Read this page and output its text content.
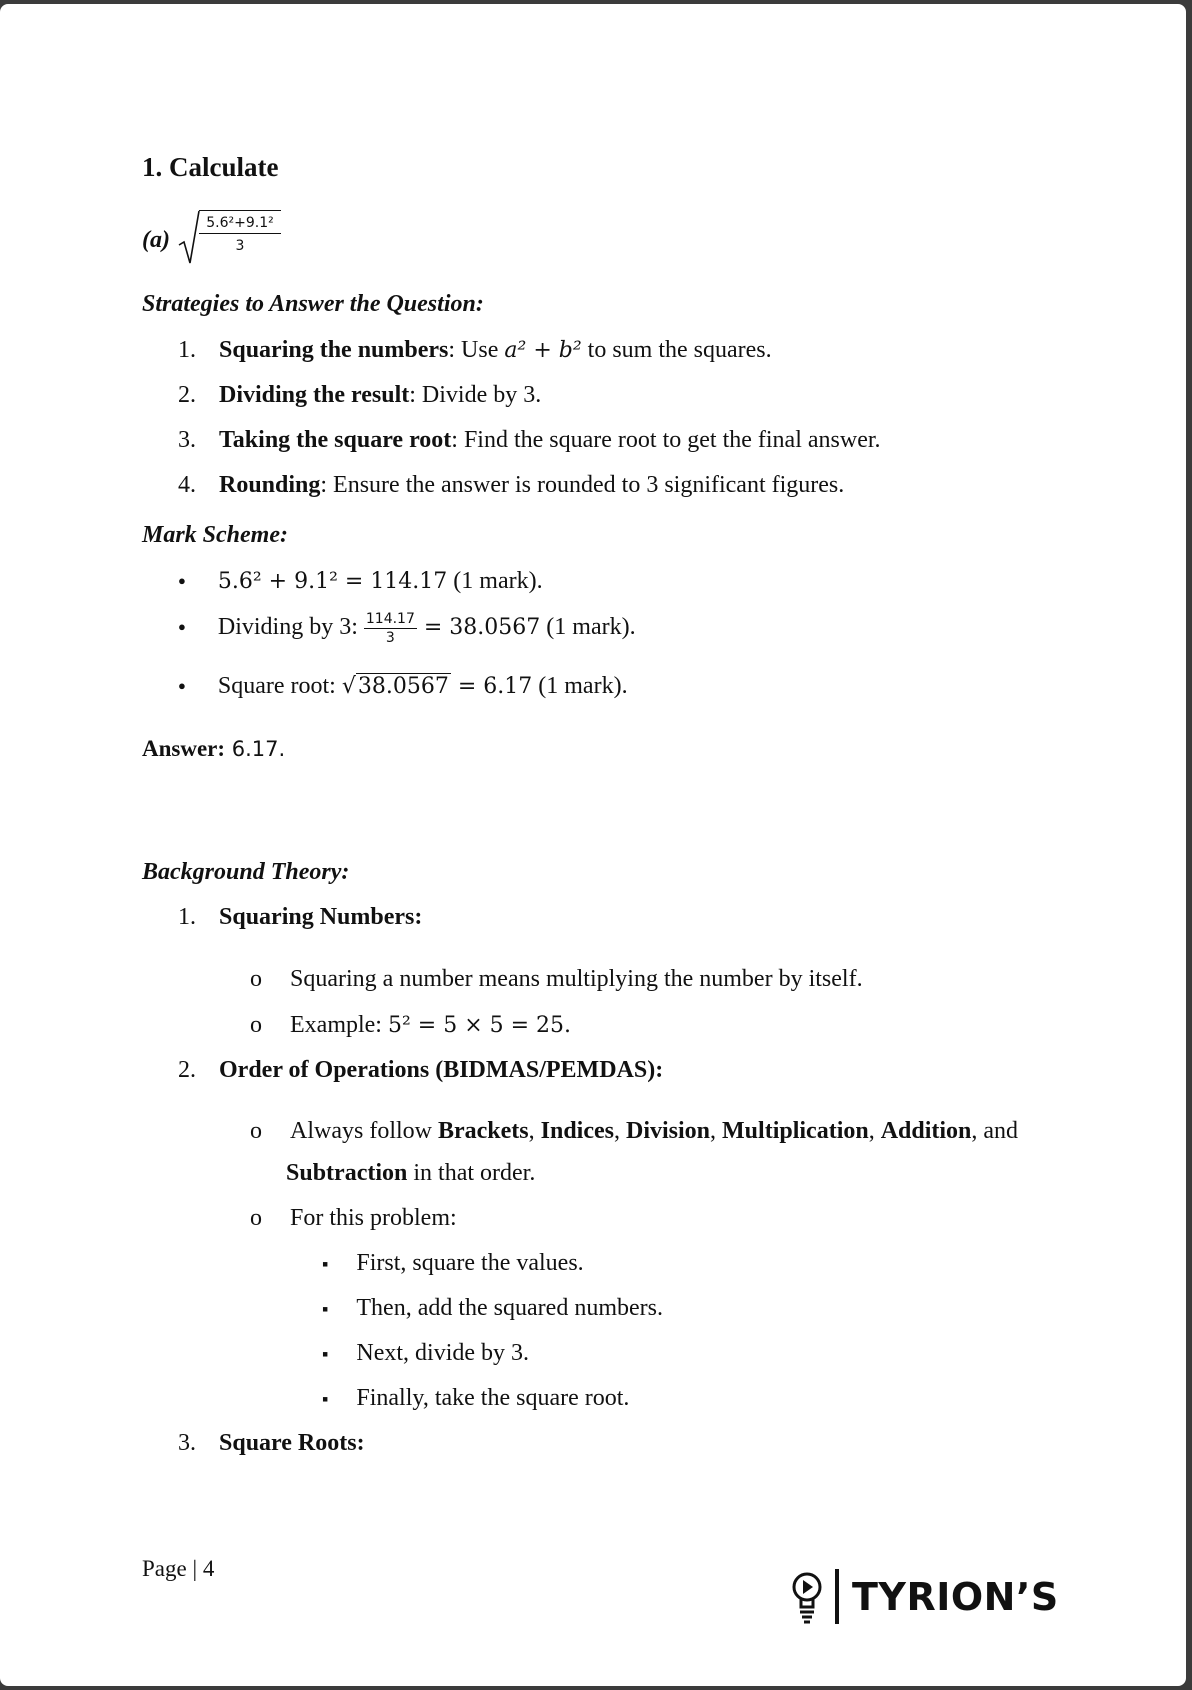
1. Calculate
$(a) \frac{\text{5.6²+9.1²}}{3}$
Strategies to Answer the Question:
1. Squaring the numbers: Use a² + b² to sum the squares.
2. Dividing the result: Divide by 3.
3. Taking the square root: Find the square root to get the final answer.
4. Rounding: Ensure the answer is rounded to 3 significant figures.
Mark Scheme:
● 5.6² + 9.1² = 114.17 (1 mark).
● Dividing by 3: $\frac{114.17}{3} = 38.0567$ (1 mark).
● Square root: √38.0567 = 6.17 (1 mark).
Answer: 6.17.
Background Theory:
1. Squaring Numbers:
o Squaring a number means multiplying the number by itself.
o Example: 5² = 5 × 5 = 25.
2. Order of Operations (BIDMAS/PEMDAS):
o Always follow Brackets, Indices, Division, Multiplication, Addition, and
Subtraction in that order.
o For this problem:
▪ First, square the values.
▪ Then, add the squared numbers.
▪ Next, divide by 3.
▪ Finally, take the square root.
3. Square Roots:
Page | 4
TYRION’S
